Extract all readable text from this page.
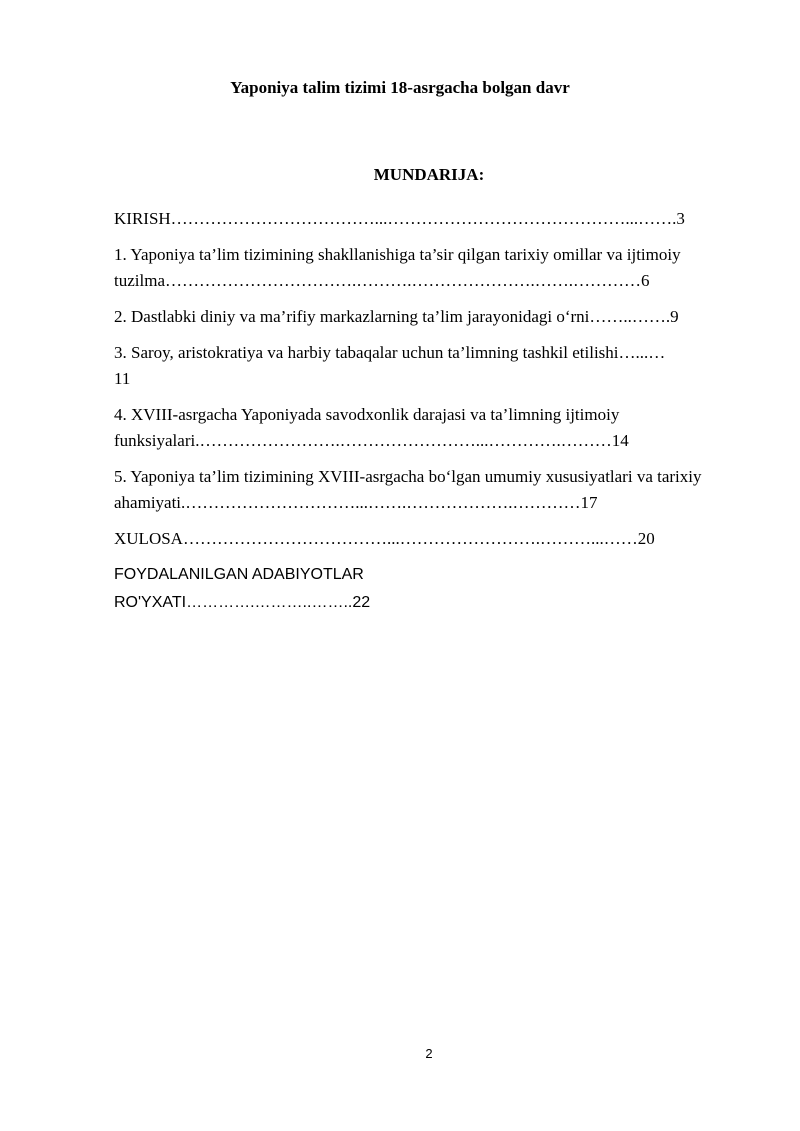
Yaponiya talim tizimi 18-asrgacha bolgan davr
MUNDARIJA:

KIRISH………………………………...……………………………………...…….3

1. Yaponiya ta’lim tizimining shakllanishiga ta’sir qilgan tarixiy omillar va ijtimoiy
tuzilma…………………………….……….………………….…….…………6

2. Dastlabki diniy va ma’rifiy markazlarning ta’lim jarayonidagi o‘rni……..…….9

3. Saroy, aristokratiya va harbiy tabaqalar uchun ta’limning tashkil etilishi…...…
11

4. XVIII-asrgacha Yaponiyada savodxonlik darajasi va ta’limning ijtimoiy funksiyalari.…………………….……………………...………….………14

5. Yaponiya ta’lim tizimining XVIII-asrgacha bo‘lgan umumiy xususiyatlari va tarixiy ahamiyati.…………………………...…….……………….…………17

XULOSA………………………………...…………………….………...……20

FOYDALANILGAN ADABIYOTLAR

RO'YXATI………….………..……..22

2
